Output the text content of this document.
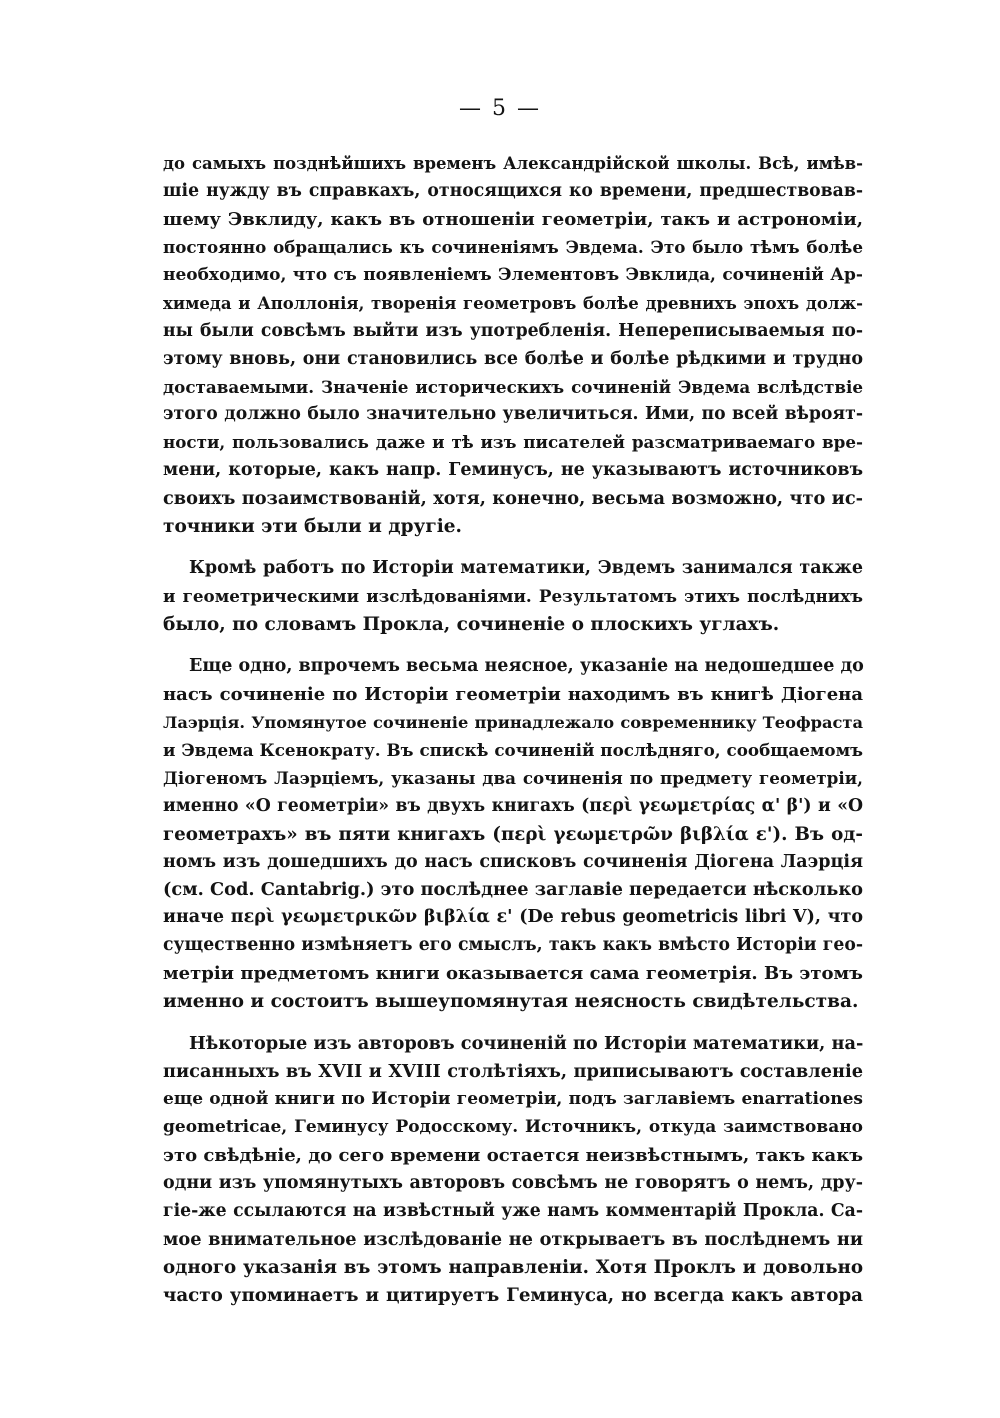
— 5 —
до самыхъ позднѣйшихъ временъ Александрійской школы. Всѣ, имѣв-
шіе нужду въ справкахъ, относящихся ко времени, предшествовав-
шему Эвклиду, какъ въ отношеніи геометріи, такъ и астрономіи,
постоянно обращались къ сочиненіямъ Эвдема. Это было тѣмъ болѣе
необходимо, что съ появленіемъ Элементовъ Эвклида, сочиненій Ар-
химеда и Аполлонія, творенія геометровъ болѣе древнихъ эпохъ долж-
ны были совсѣмъ выйти изъ употребленія. Непереписываемыя по-
этому вновь, они становились все болѣе и болѣе рѣдкими и трудно
доставаемыми. Значеніе историческихъ сочиненій Эвдема вслѣдствіе
этого должно было значительно увеличиться. Ими, по всей вѣроят-
ности, пользовались даже и тѣ изъ писателей разсматриваемаго вре-
мени, которые, какъ напр. Геминусъ, не указываютъ источниковъ
своихъ позаимствованій, хотя, конечно, весьма возможно, что ис-
точники эти были и другіе.
Кромѣ работъ по Исторіи математики, Эвдемъ занимался также
и геометрическими изслѣдованіями. Результатомъ этихъ послѣднихъ
было, по словамъ Прокла, сочиненіе о плоскихъ углахъ.
Еще одно, впрочемъ весьма неясное, указаніе на недошедшее до
насъ сочиненіе по Исторіи геометріи находимъ въ книгѣ Діогена
Лаэрція. Упомянутое сочиненіе принадлежало современнику Теофраста
и Эвдема Ксенократу. Въ спискѣ сочиненій послѣдняго, сообщаемомъ
Діогеномъ Лаэрціемъ, указаны два сочиненія по предмету геометріи,
именно «О геометріи» въ двухъ книгахъ (περὶ γεωμετρίας α' β') и «О
геометрахъ» въ пяти книгахъ (περὶ γεωμετρῶν βιβλία ε'). Въ од-
номъ изъ дошедшихъ до насъ списковъ сочиненія Діогена Лаэрція
(см. Cod. Cantabrig.) это послѣднее заглавіе передаетси нѣсколько
иначе περὶ γεωμετρικῶν βιβλία ε' (De rebus geometricis libri V), что
существенно измѣняетъ его смыслъ, такъ какъ вмѣсто Исторіи гео-
метріи предметомъ книги оказывается сама геометрія. Въ этомъ
именно и состоитъ вышеупомянутая неясность свидѣтельства.
Нѣкоторые изъ авторовъ сочиненій по Исторіи математики, на-
писанныхъ въ XVII и XVIII столѣтіяхъ, приписываютъ составленіе
еще одной книги по Исторіи геометріи, подъ заглавіемъ enarrationes
geometricae, Геминусу Родосскому. Источникъ, откуда заимствовано
это свѣдѣніе, до сего времени остается неизвѣстнымъ, такъ какъ
одни изъ упомянутыхъ авторовъ совсѣмъ не говорятъ о немъ, дру-
гіе-же ссылаются на извѣстный уже намъ комментарій Прокла. Са-
мое внимательное изслѣдованіе не открываетъ въ послѣднемъ ни
одного указанія въ этомъ направленіи. Хотя Проклъ и довольно
часто упоминаетъ и цитируетъ Геминуса, но всегда какъ автора
